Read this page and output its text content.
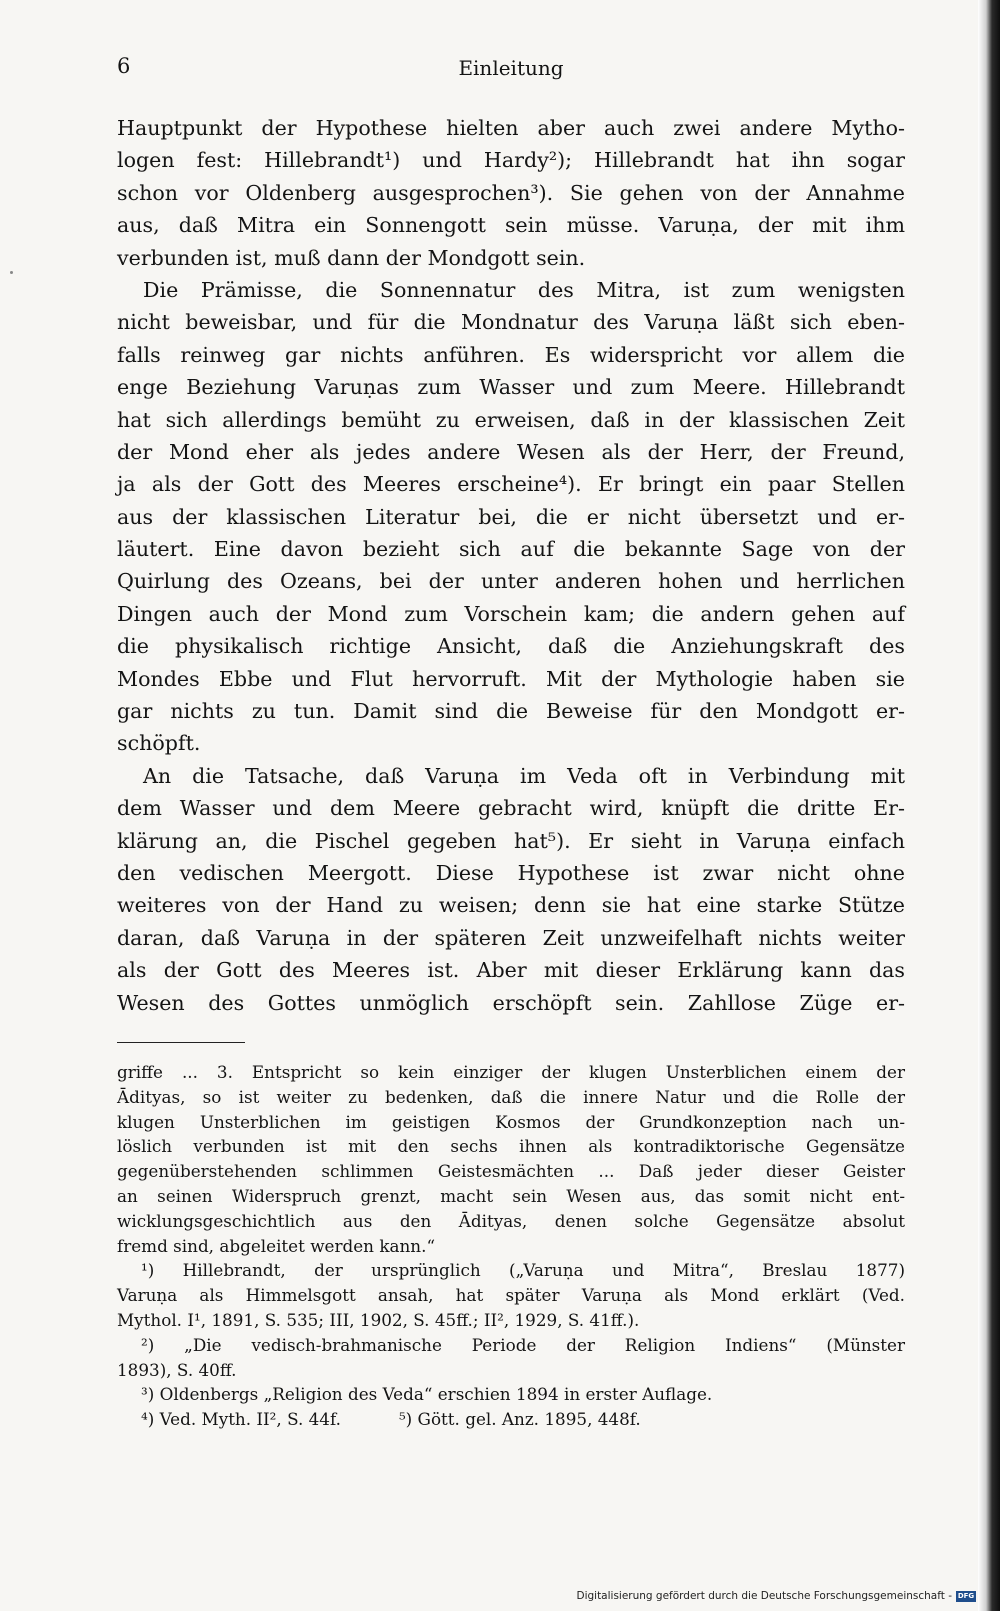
6	Einleitung
Hauptpunkt der Hypothese hielten aber auch zwei andere Mytho-
logen fest: Hillebrandt¹) und Hardy²); Hillebrandt hat ihn sogar
schon vor Oldenberg ausgesprochen³). Sie gehen von der Annahme
aus, daß Mitra ein Sonnengott sein müsse. Varuṇa, der mit ihm
verbunden ist, muß dann der Mondgott sein.
Die Prämisse, die Sonnennatur des Mitra, ist zum wenigsten
nicht beweisbar, und für die Mondnatur des Varuṇa läßt sich eben-
falls reinweg gar nichts anführen. Es widerspricht vor allem die
enge Beziehung Varuṇas zum Wasser und zum Meere. Hillebrandt
hat sich allerdings bemüht zu erweisen, daß in der klassischen Zeit
der Mond eher als jedes andere Wesen als der Herr, der Freund,
ja als der Gott des Meeres erscheine⁴). Er bringt ein paar Stellen
aus der klassischen Literatur bei, die er nicht übersetzt und er-
läutert. Eine davon bezieht sich auf die bekannte Sage von der
Quirlung des Ozeans, bei der unter anderen hohen und herrlichen
Dingen auch der Mond zum Vorschein kam; die andern gehen auf
die physikalisch richtige Ansicht, daß die Anziehungskraft des
Mondes Ebbe und Flut hervorruft. Mit der Mythologie haben sie
gar nichts zu tun. Damit sind die Beweise für den Mondgott er-
schöpft.
An die Tatsache, daß Varuṇa im Veda oft in Verbindung mit
dem Wasser und dem Meere gebracht wird, knüpft die dritte Er-
klärung an, die Pischel gegeben hat⁵). Er sieht in Varuṇa einfach
den vedischen Meergott. Diese Hypothese ist zwar nicht ohne
weiteres von der Hand zu weisen; denn sie hat eine starke Stütze
daran, daß Varuṇa in der späteren Zeit unzweifelhaft nichts weiter
als der Gott des Meeres ist. Aber mit dieser Erklärung kann das
Wesen des Gottes unmöglich erschöpft sein. Zahllose Züge er-
griffe ... 3. Entspricht so kein einziger der klugen Unsterblichen einem der
Ādityas, so ist weiter zu bedenken, daß die innere Natur und die Rolle der
klugen Unsterblichen im geistigen Kosmos der Grundkonzeption nach un-
löslich verbunden ist mit den sechs ihnen als kontradiktorische Gegensätze
gegenüberstehenden schlimmen Geistesmächten ... Daß jeder dieser Geister
an seinen Widerspruch grenzt, macht sein Wesen aus, das somit nicht ent-
wicklungsgeschichtlich aus den Ādityas, denen solche Gegensätze absolut
fremd sind, abgeleitet werden kann.“
¹) Hillebrandt, der ursprünglich („Varuṇa und Mitra“, Breslau 1877)
Varuṇa als Himmelsgott ansah, hat später Varuṇa als Mond erklärt (Ved.
Mythol. I¹, 1891, S. 535; III, 1902, S. 45ff.; II², 1929, S. 41ff.).
²) „Die vedisch-brahmanische Periode der Religion Indiens“ (Münster
1893), S. 40ff.
³) Oldenbergs „Religion des Veda“ erschien 1894 in erster Auflage.
⁴) Ved. Myth. II², S. 44f.	⁵) Gött. gel. Anz. 1895, 448f.
Digitalisierung gefördert durch die Deutsche Forschungsgemeinschaft - DFG
